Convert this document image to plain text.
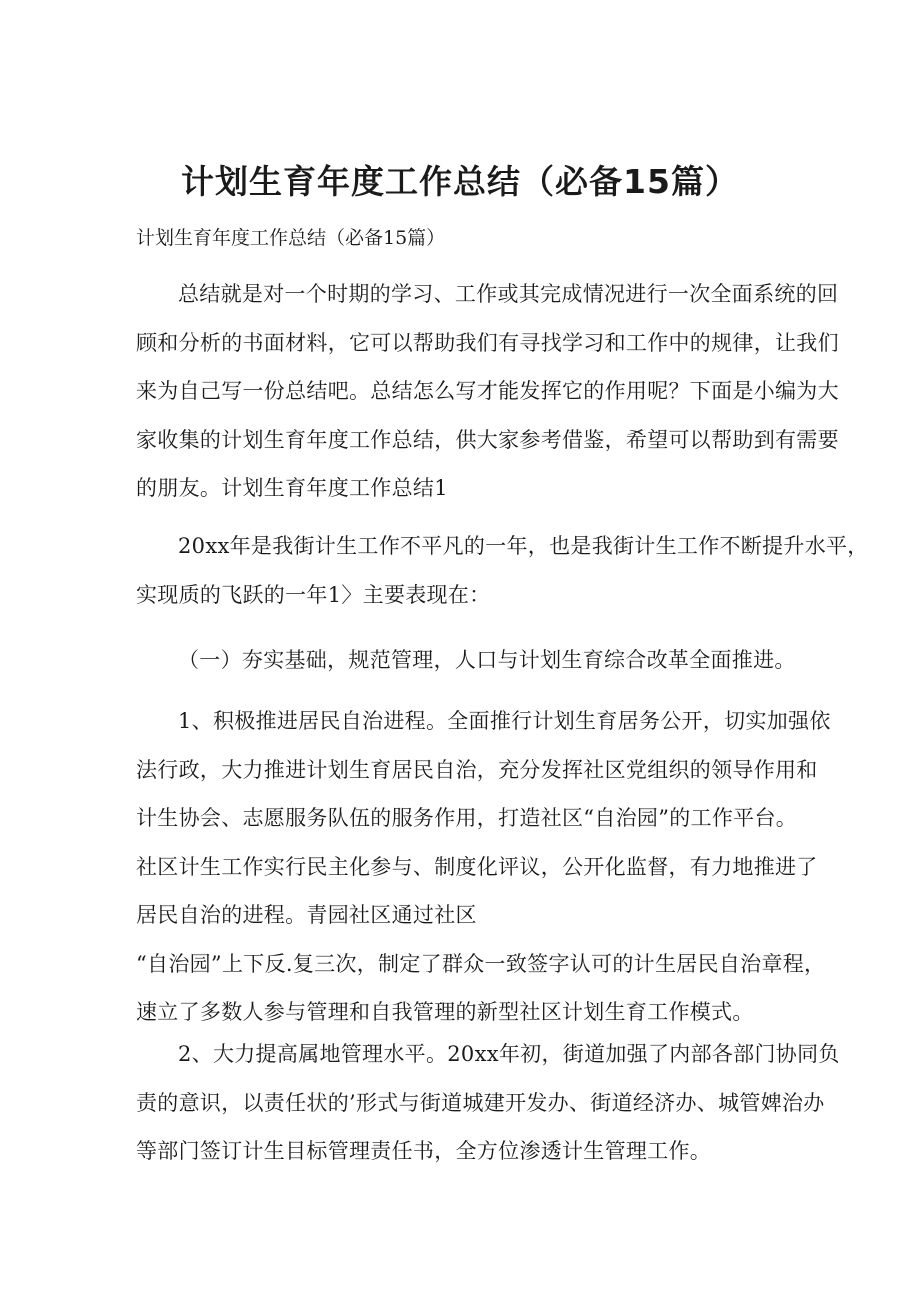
计划生育年度工作总结（必备15篇）
计划生育年度工作总结（必备15篇）
总结就是对一个时期的学习、工作或其完成情况进行一次全面系统的回
顾和分析的书面材料，它可以帮助我们有寻找学习和工作中的规律，让我们
来为自己写一份总结吧。总结怎么写才能发挥它的作用呢？下面是小编为大
家收集的计划生育年度工作总结，供大家参考借鉴，希望可以帮助到有需要
的朋友。计划生育年度工作总结1
20xx年是我街计生工作不平凡的一年，也是我街计生工作不断提升水平，
实现质的飞跃的一年1〉主要表现在：
（一）夯实基础，规范管理，人口与计划生育综合改革全面推进。
1、积极推进居民自治进程。全面推行计划生育居务公开，切实加强依
法行政，大力推进计划生育居民自治，充分发挥社区党组织的领导作用和
计生协会、志愿服务队伍的服务作用，打造社区“自治园”的工作平台。
社区计生工作实行民主化参与、制度化评议，公开化监督，有力地推进了
居民自治的进程。青园社区通过社区
“自治园”上下反.复三次，制定了群众一致签字认可的计生居民自治章程，
速立了多数人参与管理和自我管理的新型社区计划生育工作模式。
2、大力提高属地管理水平。20xx年初，街道加强了内部各部门协同负
责的意识，以责任状的’形式与街道城建开发办、街道经济办、城管婢治办
等部门签订计生目标管理责任书，全方位渗透计生管理工作。
